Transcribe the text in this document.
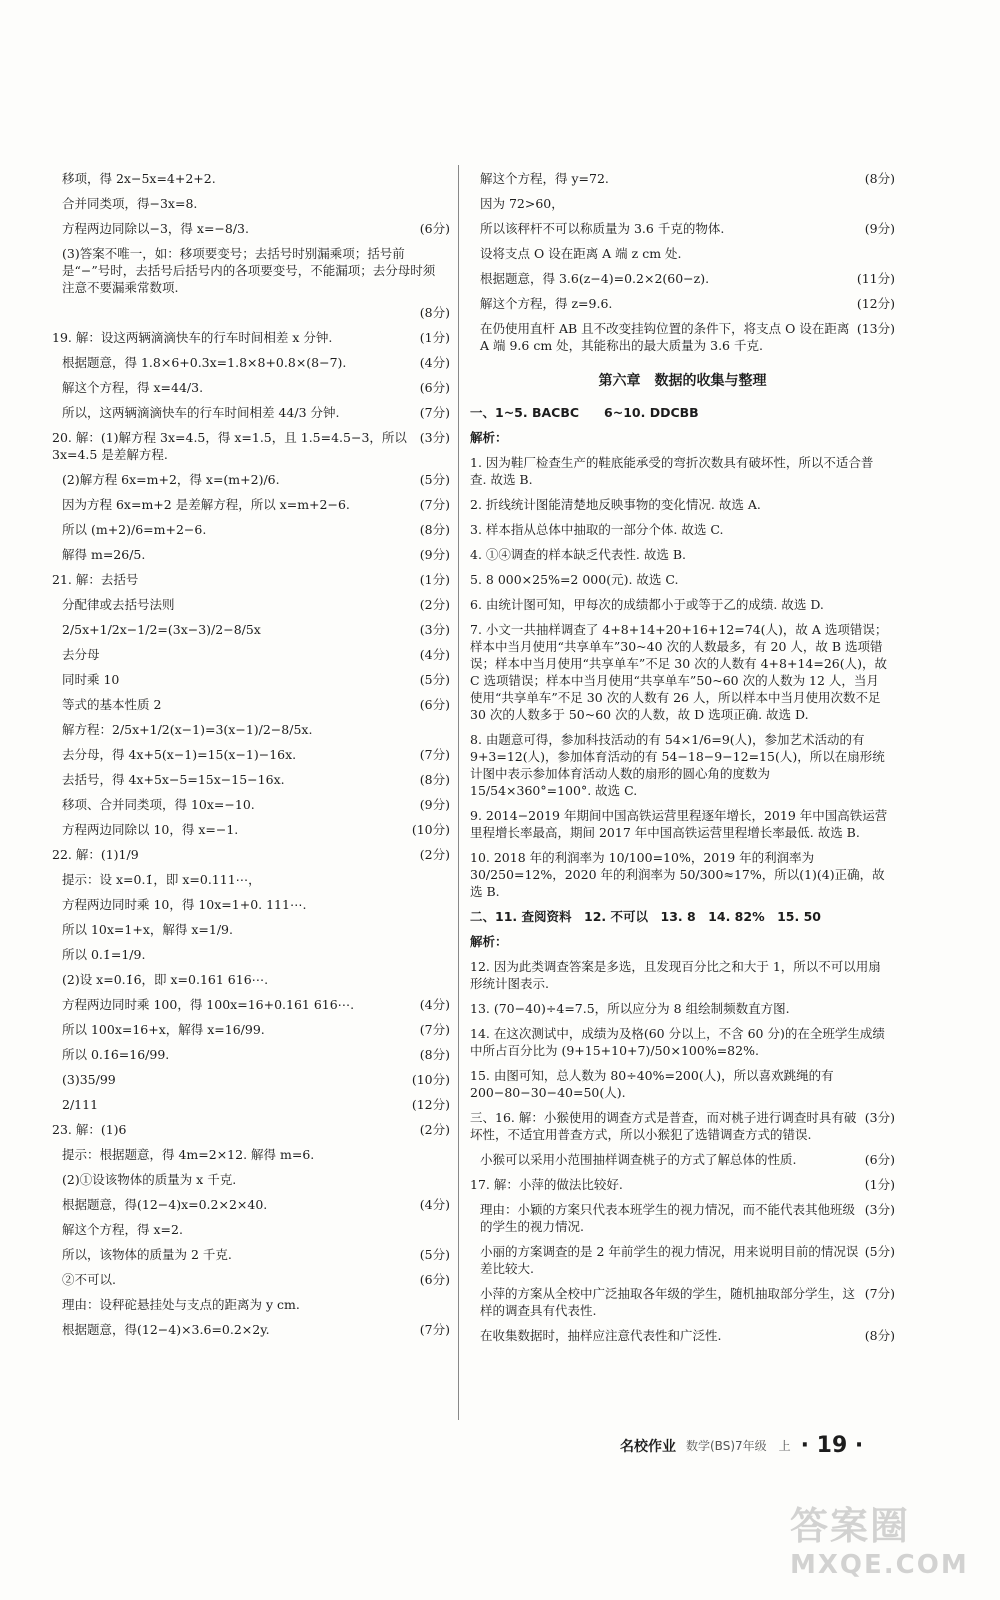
移项，得 2x−5x=4+2+2.
合并同类项，得−3x=8.
方程两边同除以−3，得 x=−8/3.	(6分)
(3)答案不唯一，如：移项要变号；去括号时别漏乘项；括号前是“−”号时，去括号后括号内的各项要变号，不能漏项；去分母时须注意不要漏乘常数项.
(8分)
19. 解：设这两辆滴滴快车的行车时间相差 x 分钟.	(1分)
根据题意，得 1.8×6+0.3x=1.8×8+0.8×(8−7).	(4分)
解这个方程，得 x=44/3.	(6分)
所以，这两辆滴滴快车的行车时间相差 44/3 分钟.	(7分)
20. 解：(1)解方程 3x=4.5，得 x=1.5，且 1.5=4.5−3，所以 3x=4.5 是差解方程.
(3分)
(2)解方程 6x=m+2，得 x=(m+2)/6.	(5分)
因为方程 6x=m+2 是差解方程，所以 x=m+2−6.	(7分)
所以 (m+2)/6=m+2−6.	(8分)
解得 m=26/5.	(9分)
21. 解：去括号	(1分)
分配律或去括号法则	(2分)
2/5x+1/2x−1/2=(3x−3)/2−8/5x	(3分)
去分母	(4分)
同时乘 10	(5分)
等式的基本性质 2	(6分)
解方程：2/5x+1/2(x−1)=3(x−1)/2−8/5x.
去分母，得 4x+5(x−1)=15(x−1)−16x.	(7分)
去括号，得 4x+5x−5=15x−15−16x.	(8分)
移项、合并同类项，得 10x=−10.	(9分)
方程两边同除以 10，得 x=−1.	(10分)
22. 解：(1)1/9	(2分)
提示：设 x=0.1̇，即 x=0.111⋯，
方程两边同时乘 10，得 10x=1+0. 111⋯.
所以 10x=1+x，解得 x=1/9.
所以 0.1̇=1/9.
(2)设 x=0.1̇6̇，即 x=0.161 616⋯.
方程两边同时乘 100，得 100x=16+0.161 616⋯.	(4分)
所以 100x=16+x，解得 x=16/99.	(7分)
所以 0.1̇6̇=16/99.	(8分)
(3)35/99	(10分)
2/111	(12分)
23. 解：(1)6	(2分)
提示：根据题意，得 4m=2×12. 解得 m=6.
(2)①设该物体的质量为 x 千克.
根据题意，得(12−4)x=0.2×2×40.	(4分)
解这个方程，得 x=2.
所以，该物体的质量为 2 千克.	(5分)
②不可以.	(6分)
理由：设秤砣悬挂处与支点的距离为 y cm.
根据题意，得(12−4)×3.6=0.2×2y.	(7分)
解这个方程，得 y=72.	(8分)
因为 72>60，
所以该秤杆不可以称质量为 3.6 千克的物体.	(9分)
设将支点 O 设在距离 A 端 z cm 处.
根据题意，得 3.6(z−4)=0.2×2(60−z).	(11分)
解这个方程，得 z=9.6.	(12分)
在仍使用直杆 AB 且不改变挂钩位置的条件下，将支点 O 设在距离 A 端 9.6 cm 处，其能称出的最大质量为 3.6 千克.
(13分)
第六章　数据的收集与整理
一、1~5. BACBC　　6~10. DDCBB
解析：
1. 因为鞋厂检查生产的鞋底能承受的弯折次数具有破坏性，所以不适合普查. 故选 B.
2. 折线统计图能清楚地反映事物的变化情况. 故选 A.
3. 样本指从总体中抽取的一部分个体. 故选 C.
4. ①④调查的样本缺乏代表性. 故选 B.
5. 8 000×25%=2 000(元). 故选 C.
6. 由统计图可知，甲每次的成绩都小于或等于乙的成绩. 故选 D.
7. 小文一共抽样调查了 4+8+14+20+16+12=74(人)，故 A 选项错误；样本中当月使用“共享单车”30~40 次的人数最多，有 20 人，故 B 选项错误；样本中当月使用“共享单车”不足 30 次的人数有 4+8+14=26(人)，故 C 选项错误；样本中当月使用“共享单车”50~60 次的人数为 12 人，当月使用“共享单车”不足 30 次的人数有 26 人，所以样本中当月使用次数不足 30 次的人数多于 50~60 次的人数，故 D 选项正确. 故选 D.
8. 由题意可得，参加科技活动的有 54×1/6=9(人)，参加艺术活动的有 9+3=12(人)，参加体育活动的有 54−18−9−12=15(人)，所以在扇形统计图中表示参加体育活动人数的扇形的圆心角的度数为 15/54×360°=100°. 故选 C.
9. 2014−2019 年期间中国高铁运营里程逐年增长，2019 年中国高铁运营里程增长率最高，期间 2017 年中国高铁运营里程增长率最低. 故选 B.
10. 2018 年的利润率为 10/100=10%，2019 年的利润率为 30/250=12%，2020 年的利润率为 50/300≈17%，所以(1)(4)正确，故选 B.
二、11. 查阅资料　12. 不可以　13. 8　14. 82%　15. 50
解析：
12. 因为此类调查答案是多选，且发现百分比之和大于 1，所以不可以用扇形统计图表示.
13. (70−40)÷4=7.5，所以应分为 8 组绘制频数直方图.
14. 在这次测试中，成绩为及格(60 分以上，不含 60 分)的在全班学生成绩中所占百分比为 (9+15+10+7)/50×100%=82%.
15. 由图可知，总人数为 80÷40%=200(人)，所以喜欢跳绳的有 200−80−30−40=50(人).
三、16. 解：小猴使用的调查方式是普查，而对桃子进行调查时具有破坏性，不适宜用普查方式，所以小猴犯了选错调查方式的错误.
(3分)
小猴可以采用小范围抽样调查桃子的方式了解总体的性质.	(6分)
17. 解：小萍的做法比较好.	(1分)
理由：小颖的方案只代表本班学生的视力情况，而不能代表其他班级的学生的视力情况.
(3分)
小丽的方案调查的是 2 年前学生的视力情况，用来说明目前的情况误差比较大.
(5分)
小萍的方案从全校中广泛抽取各年级的学生，随机抽取部分学生，这样的调查具有代表性.
(7分)
在收集数据时，抽样应注意代表性和广泛性.	(8分)
名校作业 数学(BS)7年级　上 · 19 ·
答案圈
MXQE.COM
